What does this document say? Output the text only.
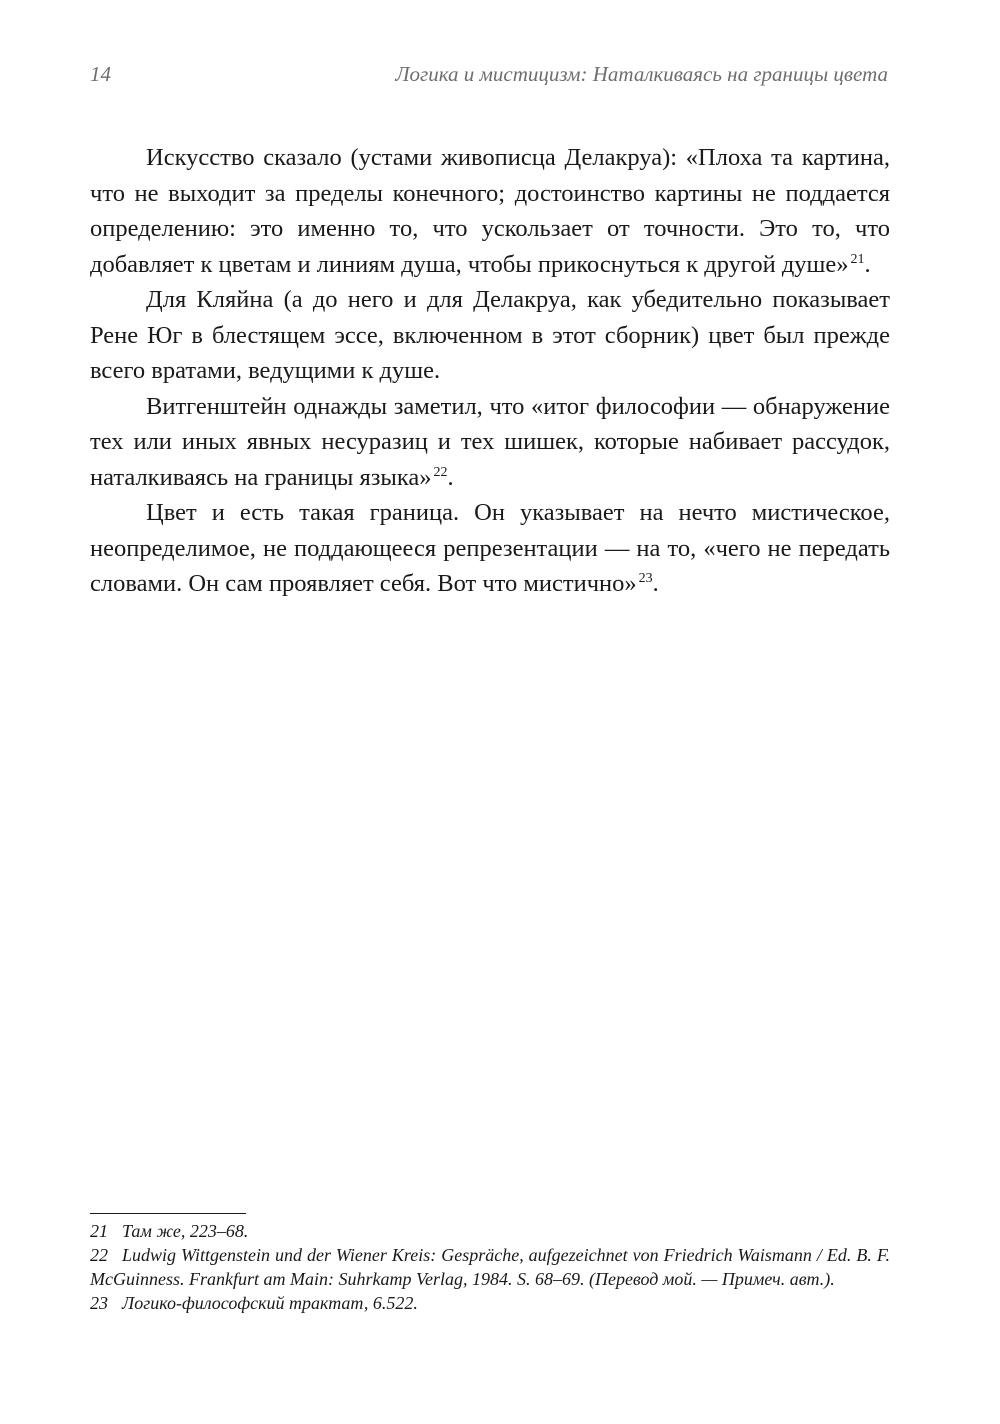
14	Логика и мистицизм: Наталкиваясь на границы цвета

Искусство сказало (устами живописца Делакруа): «Плоха та картина, что не выходит за пределы конечного; достоинство картины не поддается определению: это именно то, что ускользает от точности. Это то, что добавляет к цветам и линиям душа, чтобы прикоснуться к другой душе» $^{21}$.

Для Кляйна (а до него и для Делакруа, как убедительно показывает Рене Юг в блестящем эссе, включенном в этот сборник) цвет был прежде всего вратами, ведущими к душе.

Витгенштейн однажды заметил, что «итог философии — обнаружение тех или иных явных несуразиц и тех шишек, которые набивает рассудок, наталкиваясь на границы языка» $^{22}$.

Цвет и есть такая граница. Он указывает на нечто мистическое, неопределимое, не поддающееся репрезентации — на то, «чего не передать словами. Он сам проявляет себя. Вот что мистично» $^{23}$.

21 Там же, 223–68.

22 Ludwig Wittgenstein und der Wiener Kreis: Gespräche, aufgezeichnet von Friedrich Waismann / Ed. B. F. McGuinness. Frankfurt am Main: Suhrkamp Verlag, 1984. S. 68–69. (Перевод мой. — Примеч. авт.).

23 Логико-философский трактат, 6.522.
